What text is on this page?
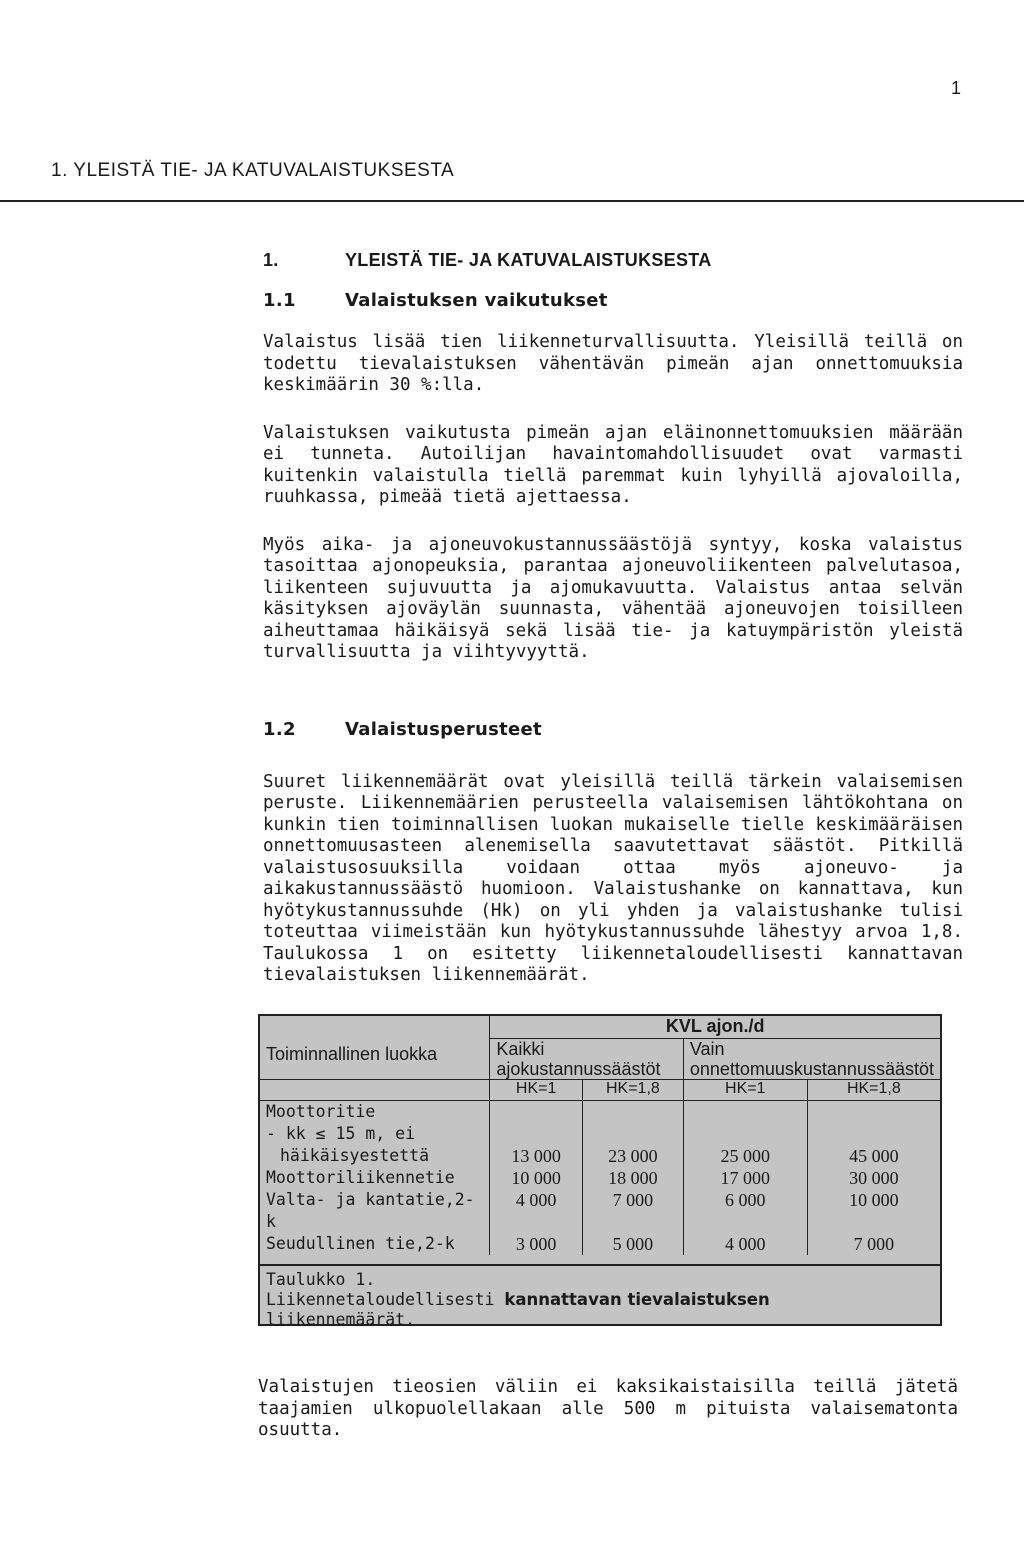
1
1. YLEISTÄ TIE- JA KATUVALAISTUKSESTA
1.	YLEISTÄ TIE- JA KATUVALAISTUKSESTA
1.1	Valaistuksen vaikutukset

Valaistus lisää tien liikenneturvallisuutta. Yleisillä teillä on todettu tievalaistuksen vähentävän pimeän ajan onnettomuuksia keskimäärin 30 %:lla.

Valaistuksen vaikutusta pimeän ajan eläinonnettomuuksien määrään ei tunneta. Autoilijan havaintomahdollisuudet ovat varmasti kuitenkin valaistulla tiellä paremmat kuin lyhyillä ajovaloilla, ruuhkassa, pimeää tietä ajettaessa.

Myös aika- ja ajoneuvokustannussäästöjä syntyy, koska valaistus tasoittaa ajonopeuksia, parantaa ajoneuvoliikenteen palvelutasoa, liikenteen sujuvuutta ja ajomukavuutta. Valaistus antaa selvän käsityksen ajoväylän suunnasta, vähentää ajoneuvojen toisilleen aiheuttamaa häikäisyä sekä lisää tie- ja katuympäristön yleistä turvallisuutta ja viihtyvyyttä.

1.2	Valaistusperusteet

Suuret liikennemäärät ovat yleisillä teillä tärkein valaisemisen peruste. Liikennemäärien perusteella valaisemisen lähtökohtana on kunkin tien toiminnallisen luokan mukaiselle tielle keskimääräisen onnettomuusasteen alenemisella saavutettavat säästöt. Pitkillä valaistusosuuksilla voidaan ottaa myös ajoneuvo- ja aikakustannussäästö huomioon. Valaistushanke on kannattava, kun hyötykustannussuhde (Hk) on yli yhden ja valaistushanke tulisi toteuttaa viimeistään kun hyötykustannussuhde lähestyy arvoa 1,8. Taulukossa 1 on esitetty liikennetaloudellisesti kannattavan tievalaistuksen liikennemäärät.

Toiminnallinen luokka	KVL ajon./d			
	Kaikki ajokustannussäästöt		Vain onnettomuuskustannussäästöt	
	HK=1	HK=1,8	HK=1	HK=1,8

Moottoritie
- kk ≤ 15 m, ei
häikäisyestettä	13 000	23 000	25 000	45 000
Moottoriliikennetie	10 000	18 000	17 000	30 000
Valta- ja kantatie,2-k	4 000	7 000	6 000	10 000
Seudullinen tie,2-k	3 000	5 000	4 000	7 000
Taulukko 1.
Liikennetaloudellisesti kannattavan tievalaistuksen
liikennemäärät.

Valaistujen tieosien väliin ei kaksikaistaisilla teillä jätetä taajamien ulkopuolellakaan alle 500 m pituista valaisematonta osuutta.
